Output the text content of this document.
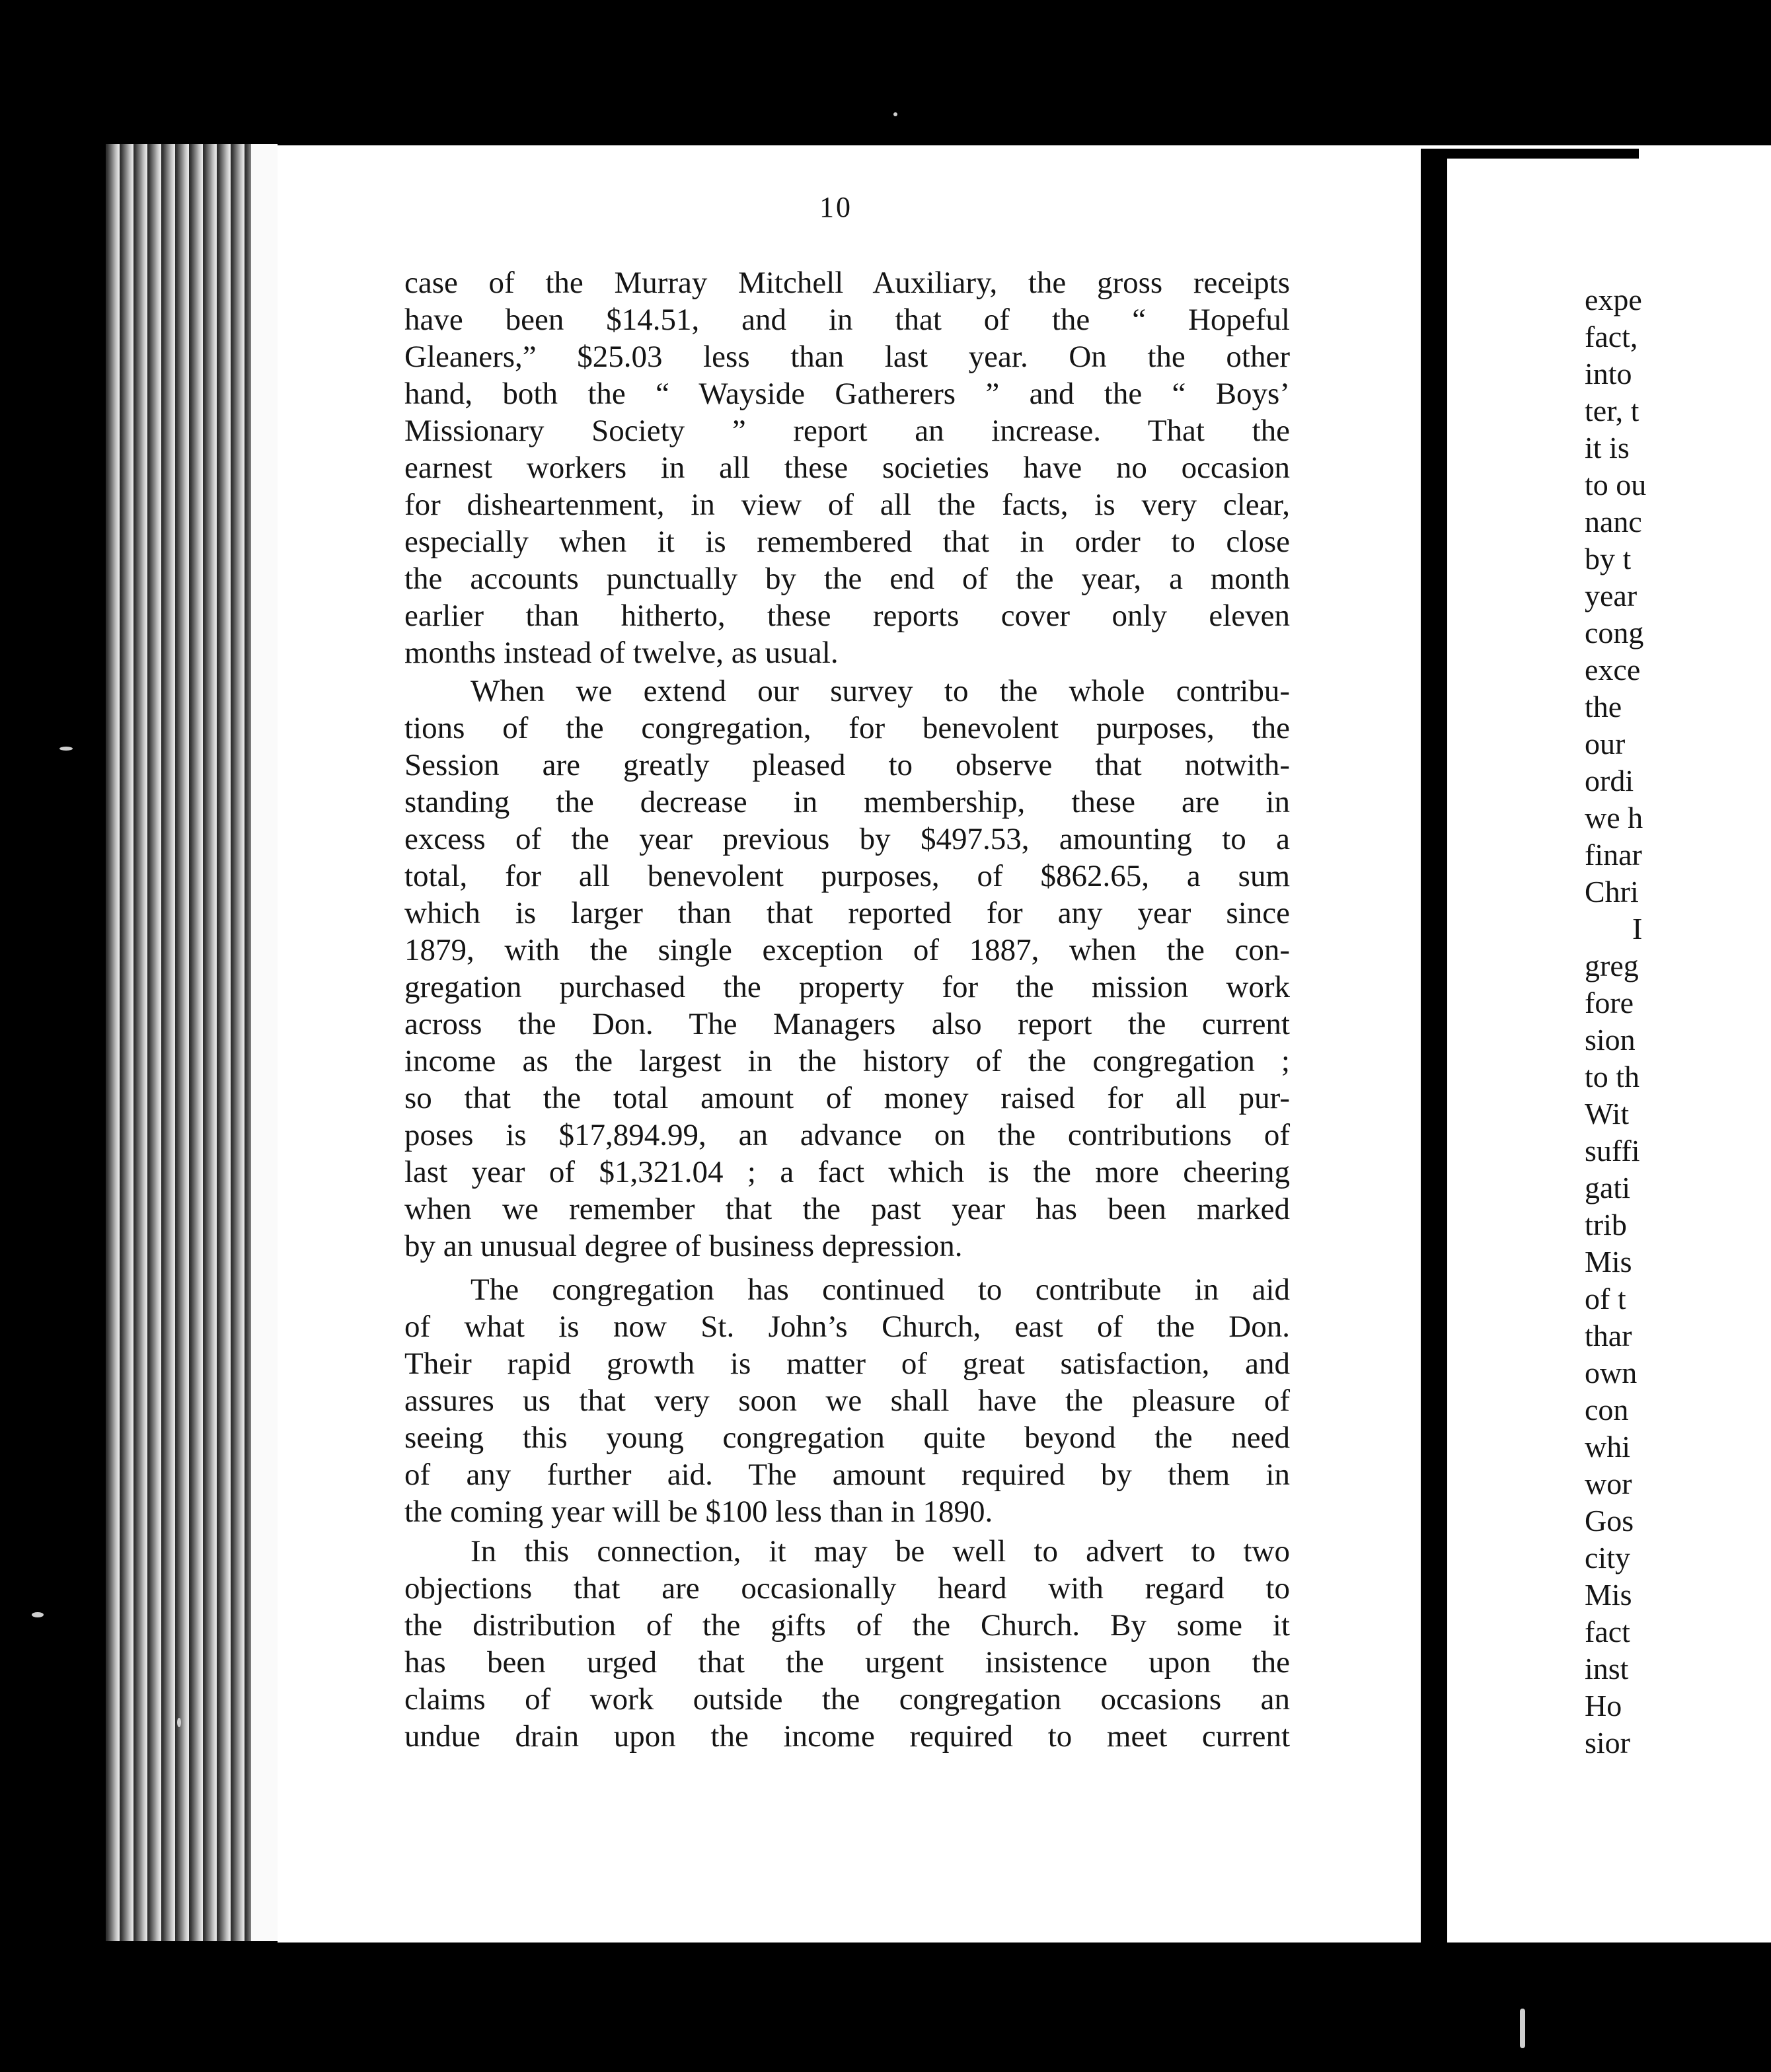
10
case of the Murray Mitchell Auxiliary, the gross receipts
have been $14.51, and in that of the “ Hopeful
Gleaners,” $25.03 less than last year. On the other
hand, both the “ Wayside Gatherers ” and the “ Boys’
Missionary Society ” report an increase. That the
earnest workers in all these societies have no occasion
for disheartenment, in view of all the facts, is very clear,
especially when it is remembered that in order to close
the accounts punctually by the end of the year, a month
earlier than hitherto, these reports cover only eleven
months instead of twelve, as usual.
When we extend our survey to the whole contribu-
tions of the congregation, for benevolent purposes, the
Session are greatly pleased to observe that notwith-
standing the decrease in membership, these are in
excess of the year previous by $497.53, amounting to a
total, for all benevolent purposes, of $862.65, a sum
which is larger than that reported for any year since
1879, with the single exception of 1887, when the con-
gregation purchased the property for the mission work
across the Don. The Managers also report the current
income as the largest in the history of the congregation ;
so that the total amount of money raised for all pur-
poses is $17,894.99, an advance on the contributions of
last year of $1,321.04 ; a fact which is the more cheering
when we remember that the past year has been marked
by an unusual degree of business depression.
The congregation has continued to contribute in aid
of what is now St. John’s Church, east of the Don.
Their rapid growth is matter of great satisfaction, and
assures us that very soon we shall have the pleasure of
seeing this young congregation quite beyond the need
of any further aid. The amount required by them in
the coming year will be $100 less than in 1890.
In this connection, it may be well to advert to two
objections that are occasionally heard with regard to
the distribution of the gifts of the Church. By some it
has been urged that the urgent insistence upon the
claims of work outside the congregation occasions an
undue drain upon the income required to meet current
expe
fact,
into
ter, t
it is
to ou
nanc
by t
year
cong
exce
the
our
ordi
we h
finar
Chri
I
greg
fore
sion
to th
Wit
suffi
gati
trib
Mis
of t
thar
own
con
whi
wor
Gos
city
Mis
fact
inst
Ho
sior
